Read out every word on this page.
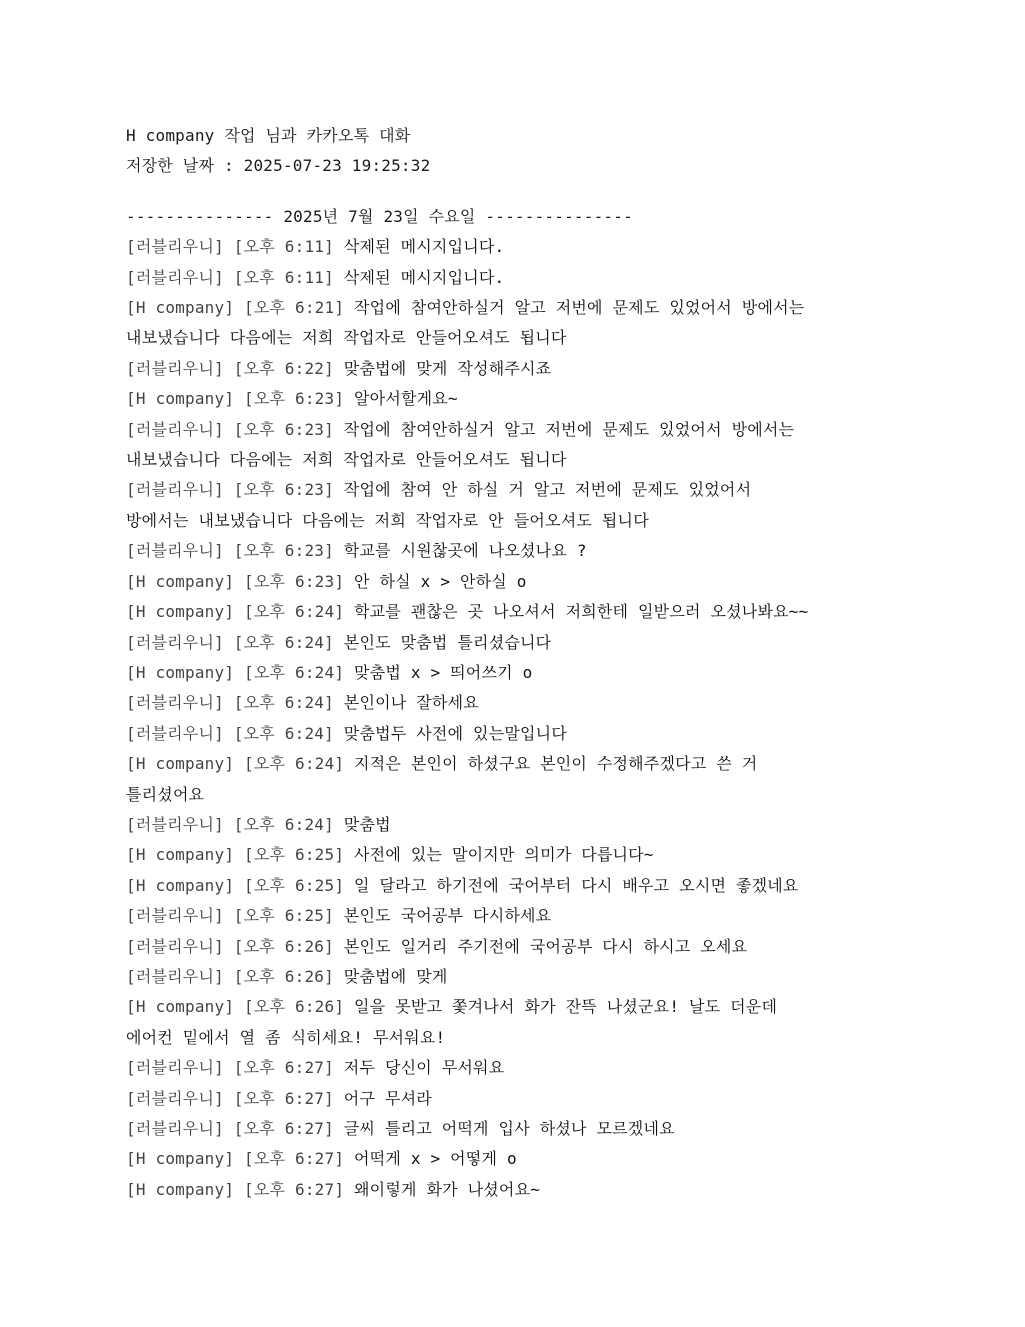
H company 작업 님과 카카오톡 대화
저장한 날짜 : 2025-07-23 19:25:32
--------------- 2025년 7월 23일 수요일 ---------------
[러블리우니] [오후 6:11] 삭제된 메시지입니다.
[러블리우니] [오후 6:11] 삭제된 메시지입니다.
[H company] [오후 6:21] 작업에 참여안하실거 알고 저번에 문제도 있었어서 방에서는
내보냈습니다 다음에는 저희 작업자로 안들어오셔도 됩니다
[러블리우니] [오후 6:22] 맞춤법에 맞게 작성해주시죠
[H company] [오후 6:23] 알아서할게요~
[러블리우니] [오후 6:23] 작업에 참여안하실거 알고 저번에 문제도 있었어서 방에서는
내보냈습니다 다음에는 저희 작업자로 안들어오셔도 됩니다
[러블리우니] [오후 6:23] 작업에 참여 안 하실 거 알고 저번에 문제도 있었어서
방에서는 내보냈습니다 다음에는 저희 작업자로 안 들어오셔도 됩니다
[러블리우니] [오후 6:23] 학교를 시원찮곳에 나오셨나요 ?
[H company] [오후 6:23] 안 하실 x > 안하실 o
[H company] [오후 6:24] 학교를 괜찮은 곳 나오셔서 저희한테 일받으러 오셨나봐요~~
[러블리우니] [오후 6:24] 본인도 맞춤법 틀리셨습니다
[H company] [오후 6:24] 맞춤법 x > 띄어쓰기 o
[러블리우니] [오후 6:24] 본인이나 잘하세요
[러블리우니] [오후 6:24] 맞춤법두 사전에 있는말입니다
[H company] [오후 6:24] 지적은 본인이 하셨구요 본인이 수정해주겠다고 쓴 거
틀리셨어요
[러블리우니] [오후 6:24] 맞춤법
[H company] [오후 6:25] 사전에 있는 말이지만 의미가 다릅니다~
[H company] [오후 6:25] 일 달라고 하기전에 국어부터 다시 배우고 오시면 좋겠네요
[러블리우니] [오후 6:25] 본인도 국어공부 다시하세요
[러블리우니] [오후 6:26] 본인도 일거리 주기전에 국어공부 다시 하시고 오세요
[러블리우니] [오후 6:26] 맞춤법에 맞게
[H company] [오후 6:26] 일을 못받고 쫓겨나서 화가 잔뜩 나셨군요! 날도 더운데
에어컨 밑에서 열 좀 식히세요! 무서워요!
[러블리우니] [오후 6:27] 저두 당신이 무서워요
[러블리우니] [오후 6:27] 어구 무셔라
[러블리우니] [오후 6:27] 글씨 틀리고 어떡게 입사 하셨나 모르겠네요
[H company] [오후 6:27] 어떡게 x > 어떻게 o
[H company] [오후 6:27] 왜이렇게 화가 나셨어요~
